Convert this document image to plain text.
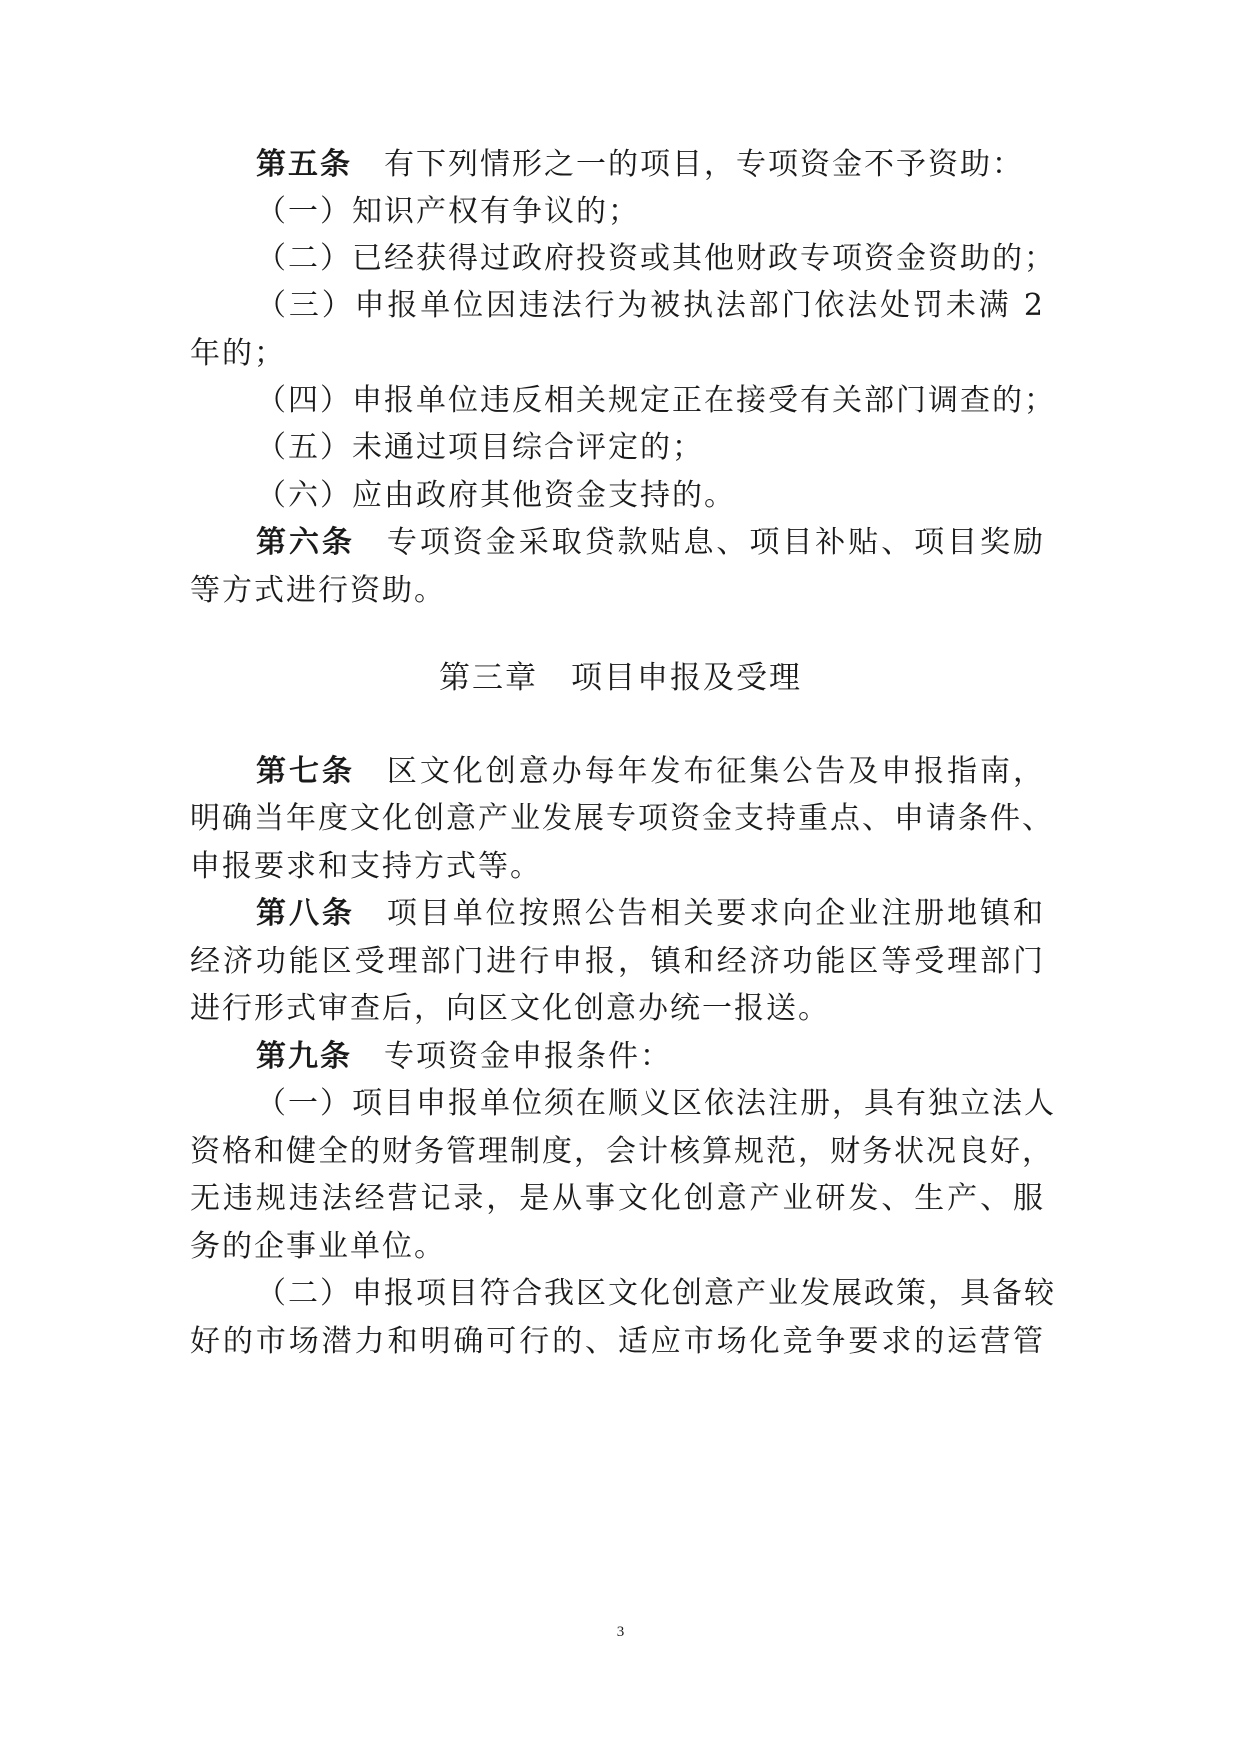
第五条 有下列情形之一的项目，专项资金不予资助：
（一）知识产权有争议的；
（二）已经获得过政府投资或其他财政专项资金资助的；
（三）申报单位因违法行为被执法部门依法处罚未满 2
年的；
（四）申报单位违反相关规定正在接受有关部门调查的；
（五）未通过项目综合评定的；
（六）应由政府其他资金支持的。
第六条 专项资金采取贷款贴息、项目补贴、项目奖励
等方式进行资助。
第三章　项目申报及受理
第七条 区文化创意办每年发布征集公告及申报指南，
明确当年度文化创意产业发展专项资金支持重点、申请条件、
申报要求和支持方式等。
第八条 项目单位按照公告相关要求向企业注册地镇和
经济功能区受理部门进行申报，镇和经济功能区等受理部门
进行形式审查后，向区文化创意办统一报送。
第九条 专项资金申报条件：
（一）项目申报单位须在顺义区依法注册，具有独立法人
资格和健全的财务管理制度，会计核算规范，财务状况良好，
无违规违法经营记录，是从事文化创意产业研发、生产、服
务的企事业单位。
（二）申报项目符合我区文化创意产业发展政策，具备较
好的市场潜力和明确可行的、适应市场化竞争要求的运营管
3
